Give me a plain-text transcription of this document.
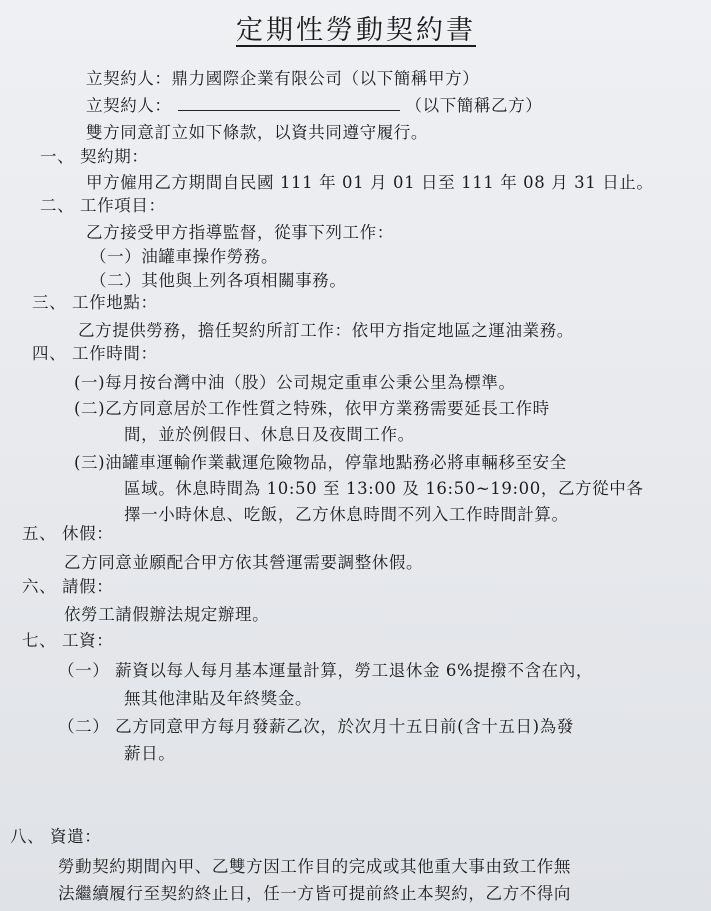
定期性勞動契約書
立契約人：鼎力國際企業有限公司（以下簡稱甲方）
立契約人：	（以下簡稱乙方）
雙方同意訂立如下條款，以資共同遵守履行。
一、 契約期：
甲方僱用乙方期間自民國 111 年 01 月 01 日至 111 年 08 月 31 日止。
二、 工作項目：
乙方接受甲方指導監督，從事下列工作：
（一）油罐車操作勞務。
（二）其他與上列各項相關事務。
三、 工作地點：
乙方提供勞務，擔任契約所訂工作：依甲方指定地區之運油業務。
四、 工作時間：
(一)每月按台灣中油（股）公司規定重車公秉公里為標準。
(二)乙方同意居於工作性質之特殊，依甲方業務需要延長工作時
間，並於例假日、休息日及夜間工作。
(三)油罐車運輸作業載運危險物品，停靠地點務必將車輛移至安全
區域。休息時間為 10:50 至 13:00 及 16:50~19:00，乙方從中各
擇一小時休息、吃飯，乙方休息時間不列入工作時間計算。
五、 休假：
乙方同意並願配合甲方依其營運需要調整休假。
六、 請假：
依勞工請假辦法規定辦理。
七、 工資：
（一） 薪資以每人每月基本運量計算，勞工退休金 6%提撥不含在內，
無其他津貼及年終獎金。
（二） 乙方同意甲方每月發薪乙次，於次月十五日前(含十五日)為發
薪日。
八、 資遣：
勞動契約期間內甲、乙雙方因工作目的完成或其他重大事由致工作無
法繼續履行至契約終止日，任一方皆可提前終止本契約，乙方不得向
